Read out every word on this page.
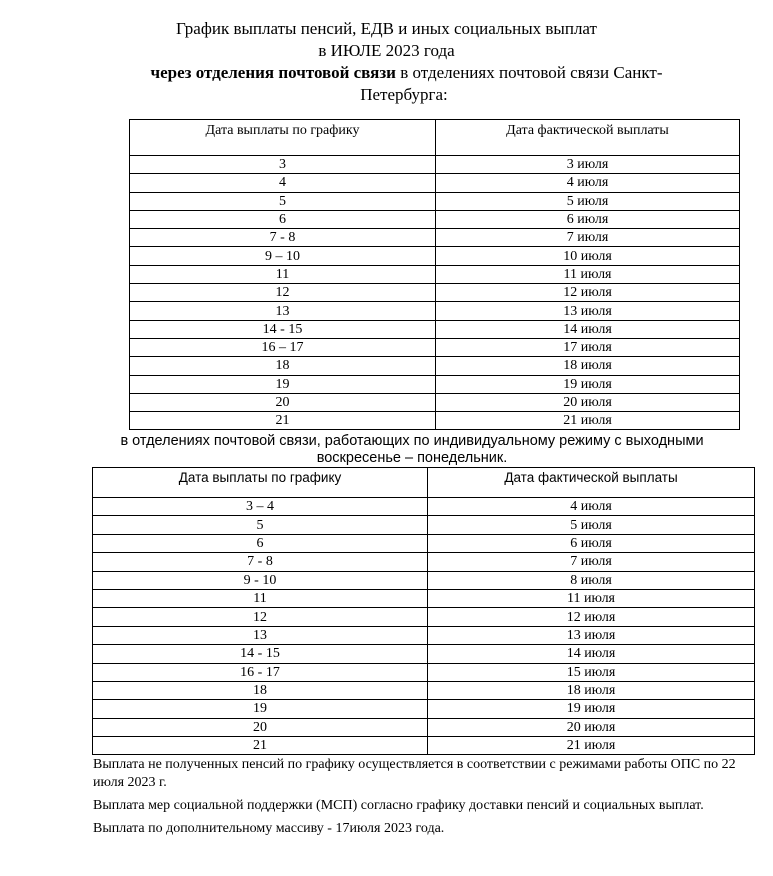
График выплаты пенсий, ЕДВ и иных социальных выплат
в ИЮЛЕ 2023 года
через отделения почтовой связи в отделениях почтовой связи Санкт-
Петербурга:
Дата выплаты по графику	Дата фактической выплаты
3	3 июля
4	4 июля
5	5 июля
6	6 июля
7 - 8	7 июля
9 – 10	10 июля
11	11 июля
12	12 июля
13	13 июля
14 - 15	14 июля
16 – 17	17 июля
18	18 июля
19	19 июля
20	20 июля
21	21 июля
в отделениях почтовой связи, работающих по индивидуальному режиму с выходными
воскресенье – понедельник.
Дата выплаты по графику	Дата фактической выплаты
3 – 4	4 июля
5	5 июля
6	6 июля
7 - 8	7 июля
9 - 10	8 июля
11	11 июля
12	12 июля
13	13 июля
14 - 15	14 июля
16 - 17	15 июля
18	18 июля
19	19 июля
20	20 июля
21	21 июля

Выплата не полученных пенсий по графику осуществляется в соответствии с режимами работы ОПС по 22 июля 2023 г.

Выплата мер социальной поддержки (МСП) согласно графику доставки пенсий и социальных выплат.

Выплата по дополнительному массиву - 17июля 2023 года.
